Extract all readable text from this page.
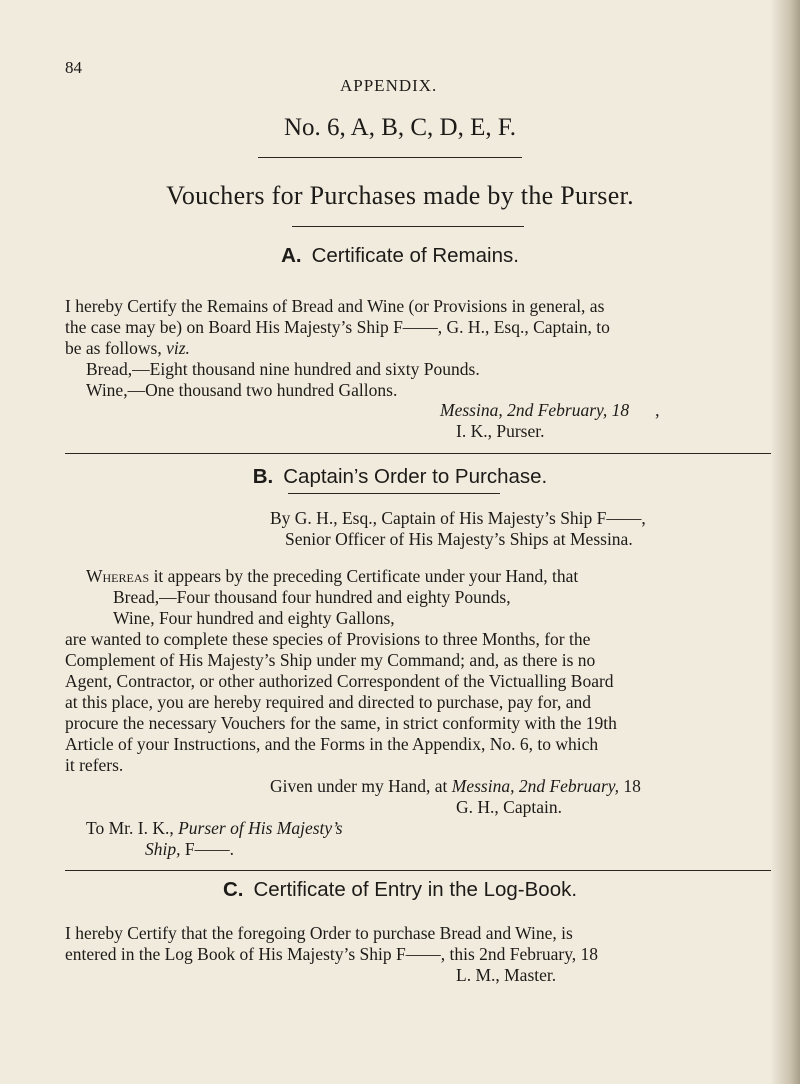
84
APPENDIX.
No. 6, A, B, C, D, E, F.
Vouchers for Purchases made by the Purser.
A. Certificate of Remains.
I hereby Certify the Remains of Bread and Wine (or Provisions in general, as
the case may be) on Board His Majesty’s Ship F——, G. H., Esq., Captain, to
be as follows, viz.
Bread,—Eight thousand nine hundred and sixty Pounds.
Wine,—One thousand two hundred Gallons.
Messina, 2nd February, 18 ,
I. K., Purser.
B. Captain’s Order to Purchase.
By G. H., Esq., Captain of His Majesty’s Ship F——,
Senior Officer of His Majesty’s Ships at Messina.
Whereas it appears by the preceding Certificate under your Hand, that
Bread,—Four thousand four hundred and eighty Pounds,
Wine, Four hundred and eighty Gallons,
are wanted to complete these species of Provisions to three Months, for the
Complement of His Majesty’s Ship under my Command; and, as there is no
Agent, Contractor, or other authorized Correspondent of the Victualling Board
at this place, you are hereby required and directed to purchase, pay for, and
procure the necessary Vouchers for the same, in strict conformity with the 19th
Article of your Instructions, and the Forms in the Appendix, No. 6, to which
it refers.
Given under my Hand, at Messina, 2nd February, 18
G. H., Captain.
To Mr. I. K., Purser of His Majesty’s
Ship, F——.
C. Certificate of Entry in the Log-Book.
I hereby Certify that the foregoing Order to purchase Bread and Wine, is
entered in the Log Book of His Majesty’s Ship F——, this 2nd February, 18
L. M., Master.
